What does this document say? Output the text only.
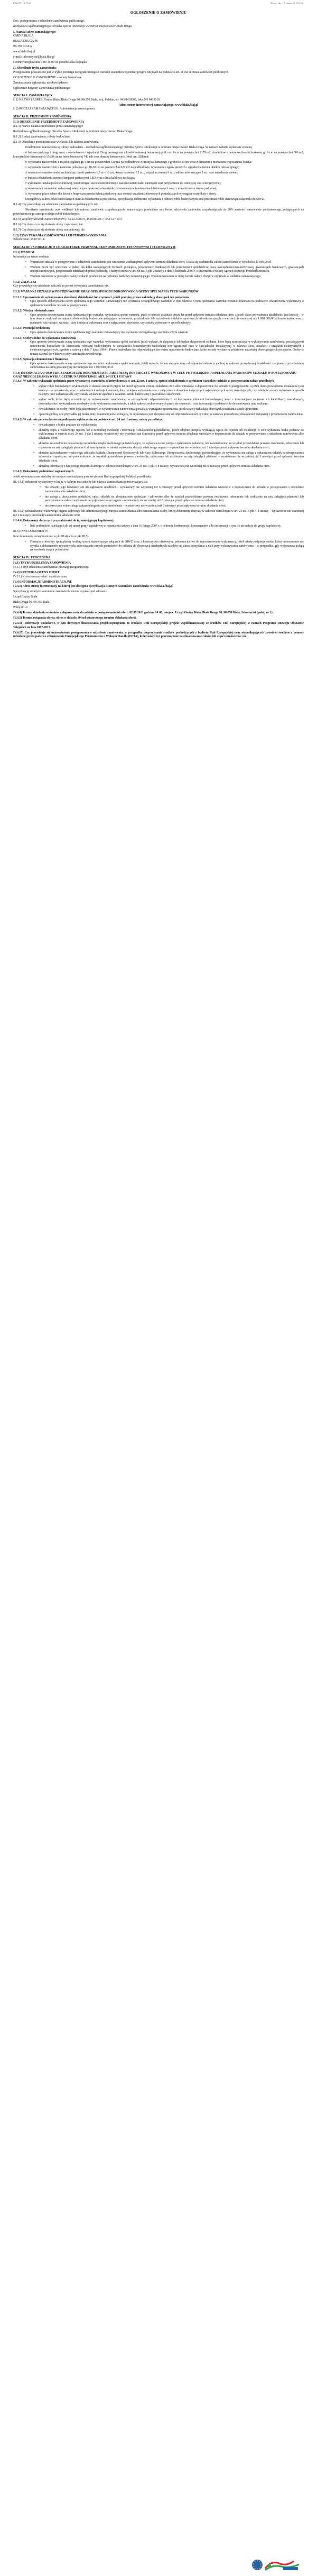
DW.271.3.2013	Biała, dn. 17 czerwca 2013 r.
OGŁOSZENIE O ZAMÓWIENIU
Dot.: postępowania o udzielenie zamówienia publicznego:
Rozbudowa ogólnodostępnego Ośrodka Sportu i Rekreacji w centrum miejscowości Biała Druga
I. Nazwa i adres zamawiającego:
GMINA BIAŁA
BIAŁA DRUGA 96
98-350 BIAŁA
www.biala.fbaj.pl
e-mail: inkwestycje@biala.fbaj.pl
Godziny urzędowania 7:00-15:00 od poniedziałku do piątku
II. Określenie trybu zamówienia:
Postępowanie prowadzone jest w trybie przetargu nieograniczonego o wartości szacunkowej poniżej progów unijnych na podstawie art. 11 ust. 8 Prawa zamówień publicznych.
OGŁOSZENIE O ZAMÓWIENIU – roboty budowlane
Zamieszczanie ogłoszenia: nieobowiązkowe.
Ogłoszenie dotyczy: zamówienia publicznego.
SEKCJA I: ZAMAWIAJĄCY
I. 1) NAZWA I ADRES: Gmina Biała, Biała Druga 96, 98-350 Biała, woj. łódzkie, tel. 043 8419000, faks 043 8419010.
Adres strony internetowej zamawiającego: www.biala.fbaj.pl
I. 2) RODZAJ ZAMAWIAJĄCEGO: Administracja samorządowa.
SEKCJA II: PRZEDMIOT ZAMÓWIENIA
II.1) OKREŚLENIE PRZEDMIOTU ZAMÓWIENIA
II.1.1) Nazwa nadana zamówieniu przez zamawiającego:
Rozbudowa ogólnodostępnego Ośrodka Sportu i Rekreacji w centrum miejscowości Biała Druga.
II.1.2) Rodzaj zamówienia: roboty budowlane.
II.1.3) Określenie przedmiotu oraz wielkości lub zakresu zamówienia:
Przedmiotem zamówienia są roboty budowlane – rozbudowa ogólnodostępnego Ośrodka Sportu i Rekreacji w centrum miejscowości Biała Druga. W ramach zadania wykonane zostaną:
a/ budowa parkingu i drogi wraz z oświetleniem i wjazdami. Drogi wewnętrzne z kostki brukowej betonowej gr. 8 cm i 6 cm na powierzchni 2179 m2, chodników z betonowej kostki brukowej gr. 6 cm na powierzchni 386 m2, krawężników betonowych 15x30 cm na ławie betonowej 740 mb oraz obrzeży betonowych 30x8 cm 1028 mb;
b/ wykonanie nawierzchni z mączki ceglanej gr. 5 cm na powierzchni 510 m2 na podbudowie z kruszywa łamanego o grubości 20 cm wraz z drenażem i montażem wyposażenia boiska;
c/ wykonanie nawierzchni z kamienia polnego o gr. 18-30 cm na powierzchni 627 m2 na podbudowie, wykonanie ciągów pieszych i ogrodzenia terenu obiektu rekreacyjnego;
d/ montażu elementów małej architektury: ławki parkowe 1,5 m – 16 szt., kosze na śmieci 12 szt., stojaki na rowery 6 szt., tablice informacyjne 3 szt. oraz nasadzenia zieleni;
e/ budowa oświetlenia terenu z lampami parkowymi LED wraz z linią kablową zasilającą;
f/ wykonanie instalacji oświetleniowej, monitoringu i sieci teletechnicznej z zastosowaniem kabli ziemnych oraz przyłączenie do istniejącej sieci energetycznej;
g/ wykonanie i ustawienie zadaszonej wiaty wypoczynkowej o konstrukcji drewnianej na fundamentach betonowych wraz z utwardzeniem terenu pod wiatą;
h/ wykonanie placu zabaw dla dzieci z bezpieczną nawierzchnią piaskową oraz montaż urządzeń zabawowych posiadających wymagane certyfikaty i atesty.
Szczegółowy zakres robót budowlanych określa dokumentacja projektowa, specyfikacje techniczne wykonania i odbioru robót budowlanych oraz przedmiar robót stanowiące załączniki do SIWZ.
II.1.4) Czy przewiduje się udzielenie zamówień uzupełniających: tak.
Określenie przedmiotu oraz wielkości lub zakresu zamówień uzupełniających: zamawiający przewiduje możliwość udzielenia zamówień uzupełniających do 20% wartości zamówienia podstawowego, polegających na powtórzeniu tego samego rodzaju robót budowlanych.
II.1.5) Wspólny Słownik Zamówień (CPV): 45.22.33.00-9, 45.00.00.00-7, 45.11.27.10-5.
II.1.6) Czy dopuszcza się złożenie oferty częściowej: nie.
II.1.7) Czy dopuszcza się złożenie oferty wariantowej: nie.
II.2) CZAS TRWANIA ZAMÓWIENIA LUB TERMIN WYKONANIA:
Zakończenie: 15.07.2014.
SEKCJA III: INFORMACJE O CHARAKTERZE PRAWNYM, EKONOMICZNYM, FINANSOWYM I TECHNICZNYM
III.1) WADIUM
Informacja na temat wadium:
• Warunkiem udziału w postępowaniu o udzielenie zamówienia jest wniesienie wadium przed upływem terminu składania ofert. Ustala się wadium dla całości zamówienia w wysokości 20 000,00 zł.
• Wadium może być wnoszone w jednej lub kilku następujących formach: pieniądzu, poręczeniach bankowych lub poręczeniach spółdzielczej kasy oszczędnościowo-kredytowej, gwarancjach bankowych, gwarancjach ubezpieczeniowych, poręczeniach udzielanych przez podmioty, o których mowa w art. 6b ust. 5 pkt 2 ustawy z dnia 9 listopada 2000 r. o utworzeniu Polskiej Agencji Rozwoju Przedsiębiorczości.
• Wadium wnoszone w pieniądzu należy wpłacić przelewem na rachunek bankowy zamawiającego. Wadium wnoszone w innej formie należy złożyć w oryginale w siedzibie zamawiającego.
III.2) ZALICZKI
Czy przewiduje się udzielenie zaliczek na poczet wykonania zamówienia: nie.
III.3) WARUNKI UDZIAŁU W POSTĘPOWANIU ORAZ OPIS SPOSOBU DOKONYWANIA OCENY SPEŁNIANIA TYCH WARUNKÓW
III.3.1) Uprawnienia do wykonywania określonej działalności lub czynności, jeżeli przepisy prawa nakładają obowiązek ich posiadania
• Opis sposobu dokonywania oceny spełniania tego warunku: zamawiający nie wyznacza szczegółowego warunku w tym zakresie. Ocena spełniania warunku zostanie dokonana na podstawie oświadczenia wykonawcy o spełnianiu warunków udziału w postępowaniu.
III.3.2) Wiedza i doświadczenie
• Opis sposobu dokonywania oceny spełniania tego warunku: wykonawca spełni warunek, jeżeli w okresie ostatnich pięciu lat przed upływem terminu składania ofert, a jeżeli okres prowadzenia działalności jest krótszy – w tym okresie, wykonał co najmniej dwie roboty budowlane polegające na budowie, przebudowie lub rozbudowie obiektów sportowych lub rekreacyjnych o wartości nie mniejszej niż 1 000 000,00 zł brutto każda, wraz z podaniem ich rodzaju i wartości, daty i miejsca wykonania oraz z załączeniem dowodów, czy zostały wykonane w sposób należyty.
III.3.3) Potencjał techniczny
• Opis sposobu dokonywania oceny spełniania tego warunku: zamawiający nie wyznacza szczegółowego warunku w tym zakresie.
III.3.4) Osoby zdolne do wykonania zamówienia
• Opis sposobu dokonywania oceny spełniania tego warunku: wykonawca spełni warunek, jeżeli wykaże, że dysponuje lub będzie dysponował osobami, które będą uczestniczyć w wykonywaniu zamówienia, posiadającymi uprawnienia budowlane do kierowania robotami budowlanymi w specjalności konstrukcyjno-budowlanej bez ograniczeń oraz w specjalności instalacyjnej w zakresie sieci, instalacji i urządzeń elektrycznych i elektroenergetycznych, zgodnie z ustawą z dnia 7 lipca 1994 r. Prawo budowlane lub odpowiadające im ważne uprawnienia budowlane, które zostały wydane na podstawie wcześniej obowiązujących przepisów. Osoby te muszą należeć do właściwej izby samorządu zawodowego.
III.3.5) Sytuacja ekonomiczna i finansowa
• Opis sposobu dokonywania oceny spełniania tego warunku: wykonawca spełni warunek, jeżeli wykaże, że jest ubezpieczony od odpowiedzialności cywilnej w zakresie prowadzonej działalności związanej z przedmiotem zamówienia na sumę gwarancyjną nie mniejszą niż 1 000 000,00 zł.
III.4) INFORMACJA O OŚWIADCZENIACH LUB DOKUMENTACH, JAKIE MAJĄ DOSTARCZYĆ WYKONAWCY W CELU POTWIERDZENIA SPEŁNIANIA WARUNKÓW UDZIAŁU W POSTĘPOWANIU ORAZ NIEPODLEGANIA WYKLUCZENIU NA PODSTAWIE ART. 24 UST. 1 USTAWY
III.4.1) W zakresie wykazania spełniania przez wykonawcę warunków, o których mowa w art. 22 ust. 1 ustawy, oprócz oświadczenia o spełnianiu warunków udziału w postępowaniu należy przedłożyć:
• wykaz robót budowlanych wykonanych w okresie ostatnich pięciu lat przed upływem terminu składania ofert albo wniosków o dopuszczenie do udziału w postępowaniu, a jeżeli okres prowadzenia działalności jest krótszy – w tym okresie, wraz z podaniem ich rodzaju i wartości, daty i miejsca wykonania oraz z załączeniem dowodów dotyczących najważniejszych robót, określających, czy roboty te zostały wykonane w sposób należyty oraz wskazujących, czy zostały wykonane zgodnie z zasadami sztuki budowlanej i prawidłowo ukończone;
• wykaz osób, które będą uczestniczyć w wykonywaniu zamówienia, w szczególności odpowiedzialnych za kierowanie robotami budowlanymi, wraz z informacjami na temat ich kwalifikacji zawodowych, doświadczenia i wykształcenia niezbędnych do wykonania zamówienia, a także zakresu wykonywanych przez nie czynności, oraz informacją o podstawie do dysponowania tymi osobami;
• oświadczenie, że osoby, które będą uczestniczyć w wykonywaniu zamówienia, posiadają wymagane uprawnienia, jeżeli ustawy nakładają obowiązek posiadania takich uprawnień;
• opłaconą polisę, a w przypadku jej braku, inny dokument potwierdzający, że wykonawca jest ubezpieczony od odpowiedzialności cywilnej w zakresie prowadzonej działalności związanej z przedmiotem zamówienia.
III.4.2) W zakresie potwierdzenia niepodlegania wykluczeniu na podstawie art. 24 ust. 1 ustawy, należy przedłożyć:
• oświadczenie o braku podstaw do wykluczenia;
• aktualny odpis z właściwego rejestru lub z centralnej ewidencji i informacji o działalności gospodarczej, jeżeli odrębne przepisy wymagają wpisu do rejestru lub ewidencji, w celu wykazania braku podstaw do wykluczenia w oparciu o art. 24 ust. 1 pkt 2 ustawy, wystawiony nie wcześniej niż 6 miesięcy przed upływem terminu składania wniosków o dopuszczenie do udziału w postępowaniu o udzielenie zamówienia albo składania ofert;
• aktualne zaświadczenie właściwego naczelnika urzędu skarbowego potwierdzające, że wykonawca nie zalega z opłacaniem podatków, lub zaświadczenie, że uzyskał przewidziane prawem zwolnienie, odroczenie lub rozłożenie na raty zaległych płatności lub wstrzymanie w całości wykonania decyzji właściwego organu – wystawione nie wcześniej niż 3 miesiące przed upływem terminu składania ofert;
• aktualne zaświadczenie właściwego oddziału Zakładu Ubezpieczeń Społecznych lub Kasy Rolniczego Ubezpieczenia Społecznego potwierdzające, że wykonawca nie zalega z opłacaniem składek na ubezpieczenia zdrowotne i społeczne, lub potwierdzenie, że uzyskał przewidziane prawem zwolnienie, odroczenie lub rozłożenie na raty zaległych płatności – wystawione nie wcześniej niż 3 miesiące przed upływem terminu składania ofert;
• aktualną informację z Krajowego Rejestru Karnego w zakresie określonym w art. 24 ust. 1 pkt 4-8 ustawy, wystawioną nie wcześniej niż 6 miesięcy przed upływem terminu składania ofert.
III.4.3) Dokumenty podmiotów zagranicznych
Jeżeli wykonawca ma siedzibę lub miejsce zamieszkania poza terytorium Rzeczypospolitej Polskiej, przedkłada:
III.4.3.1) dokument wystawiony w kraju, w którym ma siedzibę lub miejsce zamieszkania potwierdzający, że:
• nie otwarto jego likwidacji ani nie ogłoszono upadłości – wystawiony nie wcześniej niż 6 miesięcy przed upływem terminu składania wniosków o dopuszczenie do udziału w postępowaniu o udzielenie zamówienia albo składania ofert;
• nie zalega z uiszczaniem podatków, opłat, składek na ubezpieczenie społeczne i zdrowotne albo że uzyskał przewidziane prawem zwolnienie, odroczenie lub rozłożenie na raty zaległych płatności lub wstrzymanie w całości wykonania decyzji właściwego organu – wystawiony nie wcześniej niż 3 miesiące przed upływem terminu składania ofert;
• nie orzeczono wobec niego zakazu ubiegania się o zamówienie – wystawiony nie wcześniej niż 6 miesięcy przed upływem terminu składania ofert;
III.4.3.2) zaświadczenie właściwego organu sądowego lub administracyjnego miejsca zamieszkania albo zamieszkania osoby, której dokumenty dotyczą, w zakresie określonym w art. 24 ust. 1 pkt 4-8 ustawy – wystawione nie wcześniej niż 6 miesięcy przed upływem terminu składania ofert.
III.4.4) Dokumenty dotyczące przynależności do tej samej grupy kapitałowej
• lista podmiotów należących do tej samej grupy kapitałowej w rozumieniu ustawy z dnia 16 lutego 2007 r. o ochronie konkurencji i konsumentów albo informacji o tym, że nie należy do grupy kapitałowej;
III.6) INNE DOKUMENTY
Inne dokumenty niewymienione w pkt III.4) albo w pkt III.5)
• Formularz ofertowy sporządzony według wzoru stanowiącego załącznik do SIWZ wraz z kosztorysem ofertowym; pełnomocnictwo do reprezentowania wykonawcy, jeżeli ofertę podpisuje osoba, której umocowanie nie wynika z dokumentów rejestrowych; zobowiązanie innych podmiotów do oddania do dyspozycji niezbędnych zasobów na okres korzystania z nich przy wykonywaniu zamówienia – w przypadku, gdy wykonawca polega na zasobach innych podmiotów.
SEKCJA IV: PROCEDURA
IV.1) TRYB UDZIELENIA ZAMÓWIENIA
IV.1.1) Tryb udzielenia zamówienia: przetarg nieograniczony.
IV.2) KRYTERIA OCENY OFERT
IV.2.1) Kryteria oceny ofert: najniższa cena.
IV.4) INFORMACJE ADMINISTRACYJNE
IV.4.1) Adres strony internetowej, na której jest dostępna specyfikacja istotnych warunków zamówienia: www.biala.fbaj.pl
Specyfikację istotnych warunków zamówienia można uzyskać pod adresem:
Urząd Gminy Biała
Biała Druga 96, 98-350 Biała
Pokój nr 14
IV.4.4) Termin składania wniosków o dopuszczenie do udziału w postępowaniu lub ofert: 02.07.2013 godzina 10:00, miejsce: Urząd Gminy Biała, Biała Druga 96, 98-350 Biała, Sekretariat (pokój nr 1).
IV.4.5) Termin związania ofertą: okres w dniach: 30 (od ostatecznego terminu składania ofert).
IV.4.16) Informacje dodatkowe, w tym dotyczące finansowania projektu/programu ze środków Unii Europejskiej: projekt współfinansowany ze środków Unii Europejskiej w ramach Programu Rozwoju Obszarów Wiejskich na lata 2007-2013.
IV.4.17) Czy przewiduje się unieważnienie postępowania o udzielenie zamówienia, w przypadku nieprzyznania środków pochodzących z budżetu Unii Europejskiej oraz niepodlegających zwrotowi środków z pomocy udzielonej przez państwa członkowskie Europejskiego Porozumienia o Wolnym Handlu (EFTA), które miały być przeznaczone na sfinansowanie całości lub części zamówienia: nie.
